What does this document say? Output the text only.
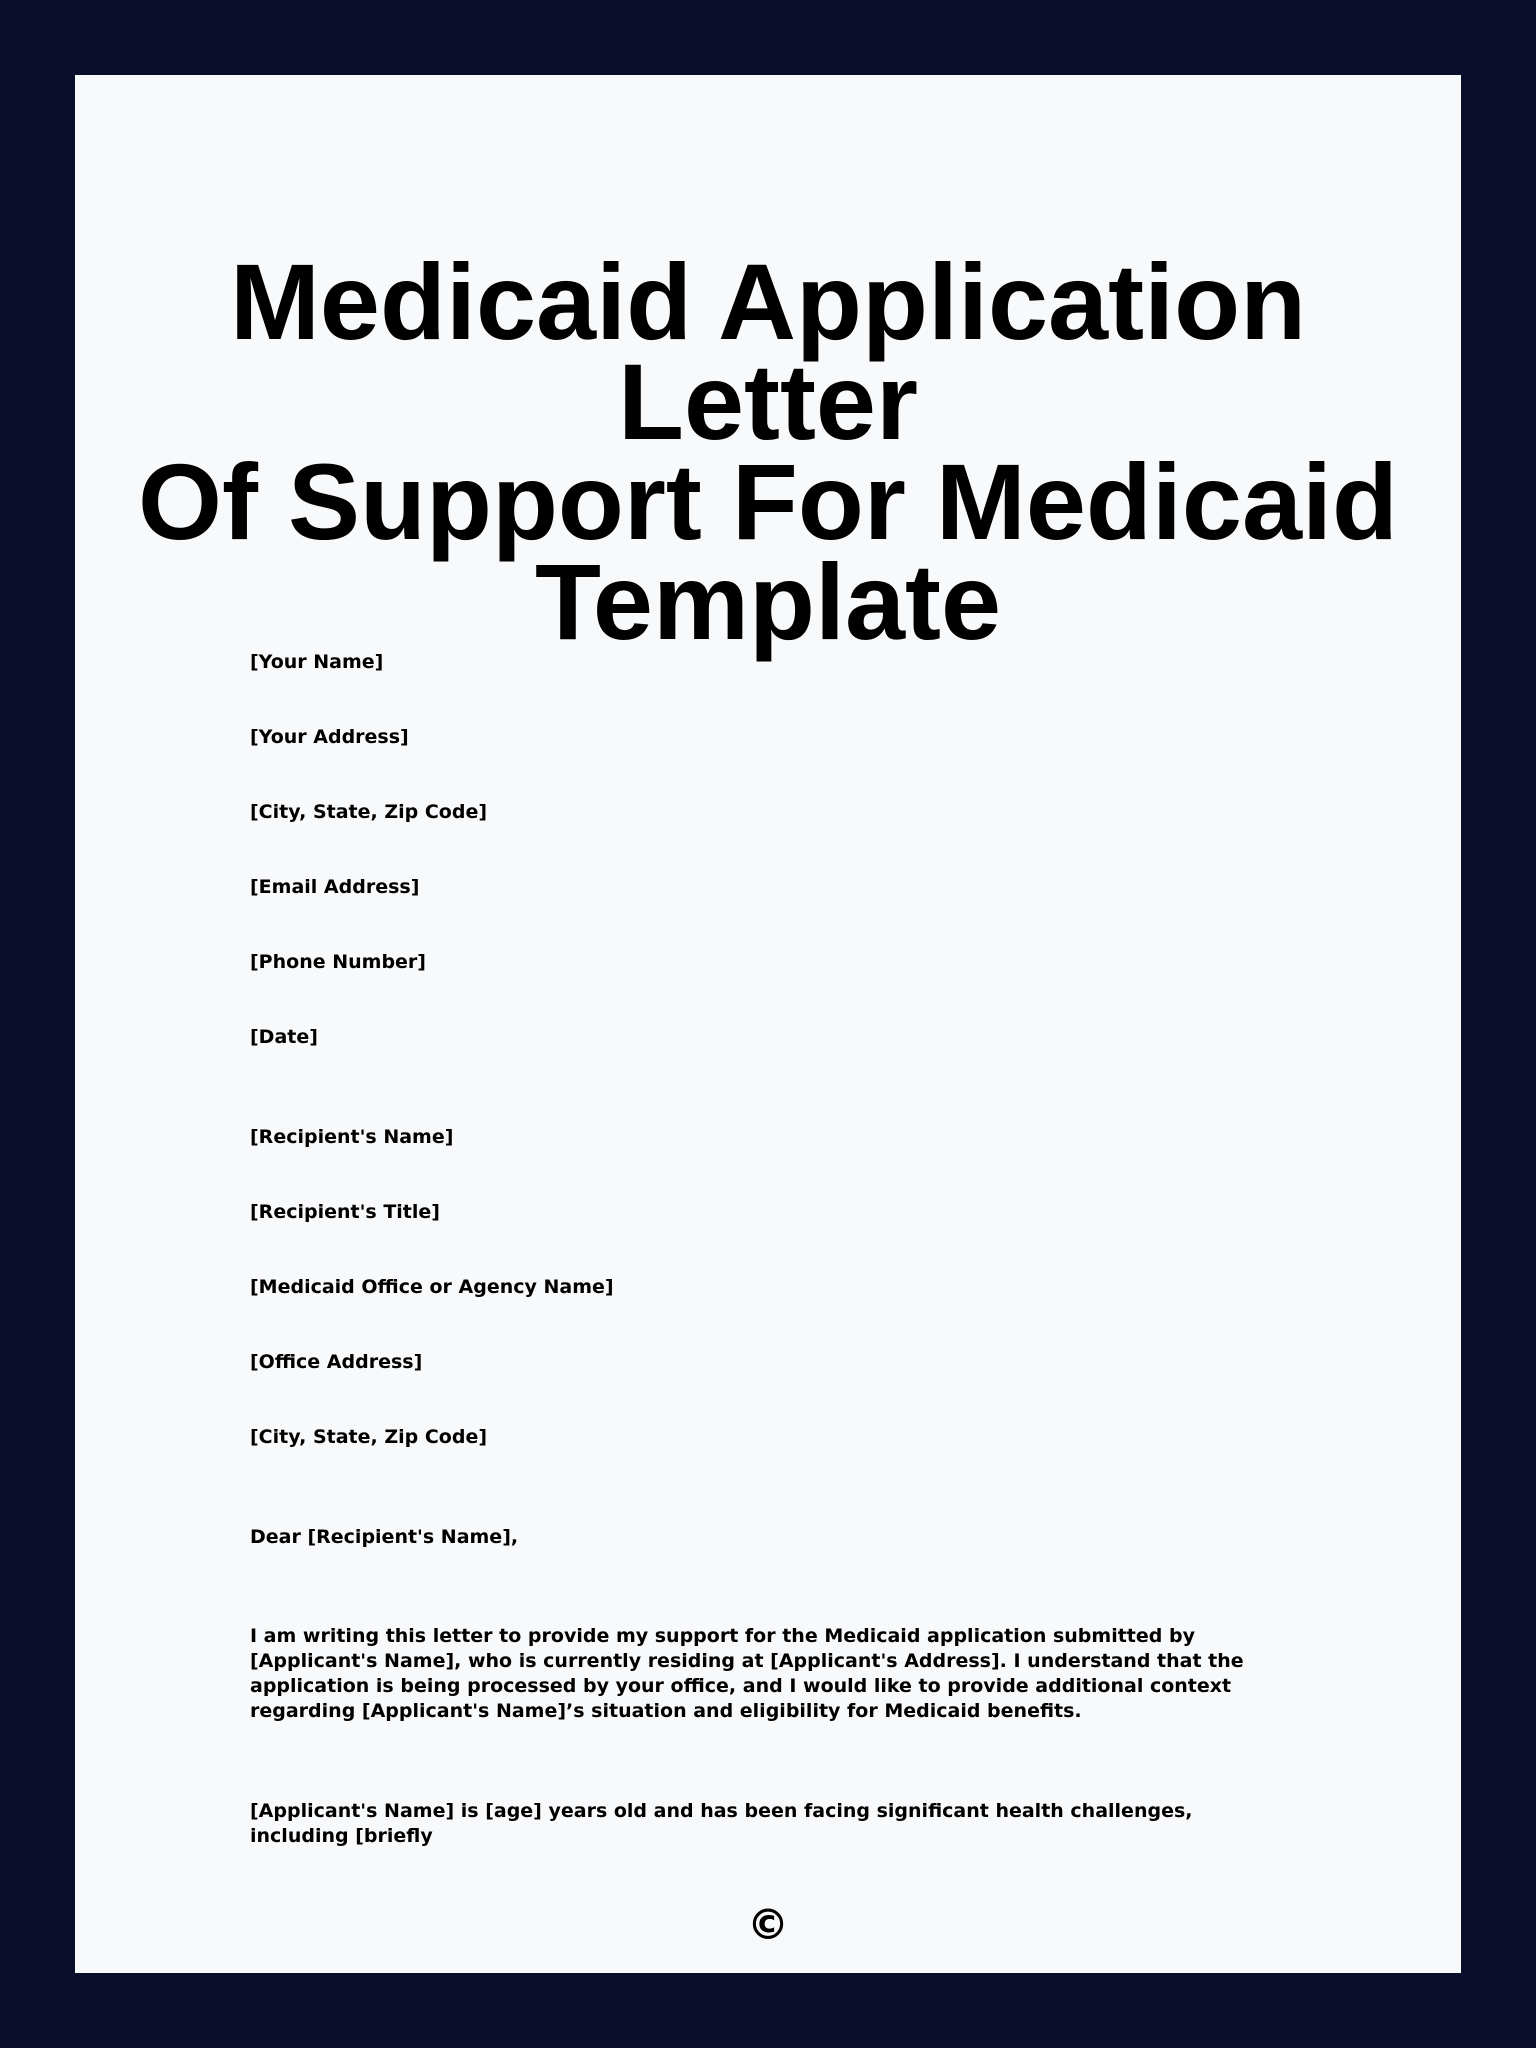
Medicaid Application Letter
Of Support For Medicaid
Template
[Your Name]
[Your Address]
[City, State, Zip Code]
[Email Address]
[Phone Number]
[Date]
[Recipient's Name]
[Recipient's Title]
[Medicaid Office or Agency Name]
[Office Address]
[City, State, Zip Code]
Dear [Recipient's Name],
I am writing this letter to provide my support for the Medicaid application submitted by [Applicant's Name], who is currently residing at [Applicant's Address]. I understand that the application is being processed by your office, and I would like to provide additional context regarding [Applicant's Name]’s situation and eligibility for Medicaid benefits.
[Applicant's Name] is [age] years old and has been facing significant health challenges, including [briefly
©
